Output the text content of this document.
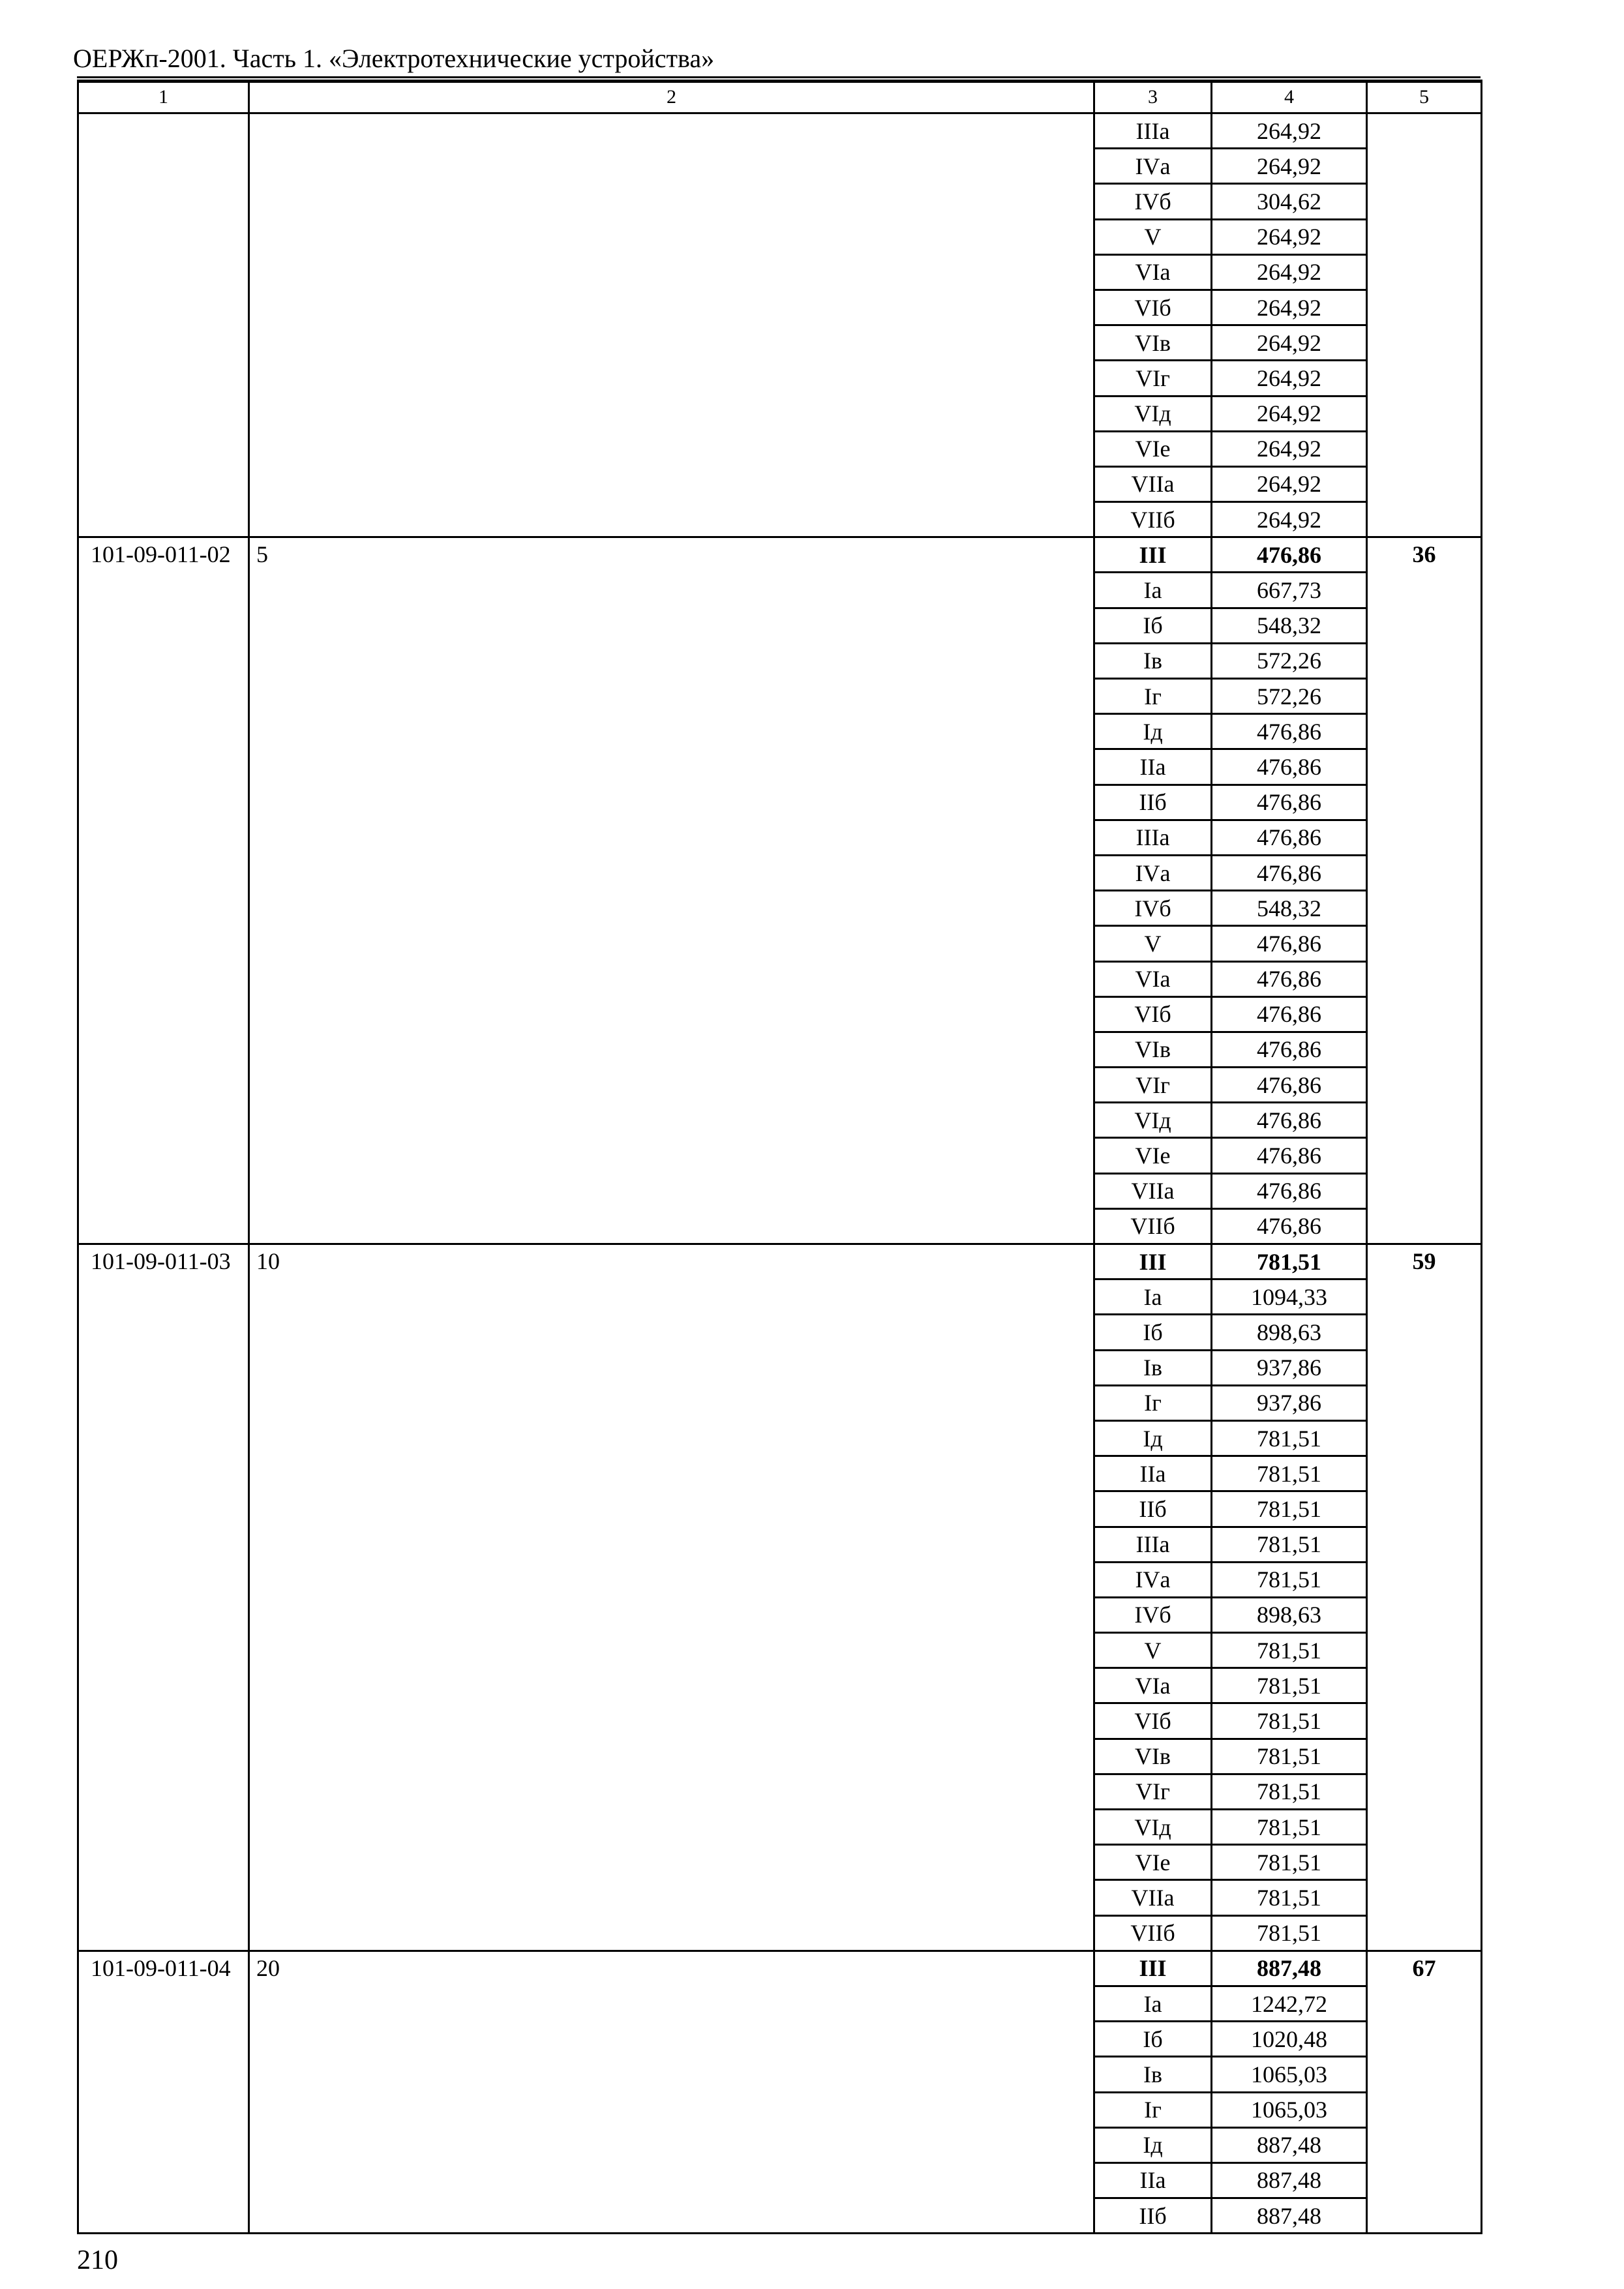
ОЕРЖп-2001. Часть 1. «Электротехнические устройства»
1	2	3	4	5
		IIIа	264,92	
		IVа	264,92	
		IVб	304,62	
		V	264,92	
		VIа	264,92	
		VIб	264,92	
		VIв	264,92	
		VIг	264,92	
		VIд	264,92	
		VIе	264,92	
		VIIа	264,92	
		VIIб	264,92	
101-09-011-02	5	III	476,86	36
		Iа	667,73	
		Iб	548,32	
		Iв	572,26	
		Iг	572,26	
		Iд	476,86	
		IIа	476,86	
		IIб	476,86	
		IIIа	476,86	
		IVа	476,86	
		IVб	548,32	
		V	476,86	
		VIа	476,86	
		VIб	476,86	
		VIв	476,86	
		VIг	476,86	
		VIд	476,86	
		VIе	476,86	
		VIIа	476,86	
		VIIб	476,86	
101-09-011-03	10	III	781,51	59
		Iа	1094,33	
		Iб	898,63	
		Iв	937,86	
		Iг	937,86	
		Iд	781,51	
		IIа	781,51	
		IIб	781,51	
		IIIа	781,51	
		IVа	781,51	
		IVб	898,63	
		V	781,51	
		VIа	781,51	
		VIб	781,51	
		VIв	781,51	
		VIг	781,51	
		VIд	781,51	
		VIе	781,51	
		VIIа	781,51	
		VIIб	781,51	
101-09-011-04	20	III	887,48	67
		Iа	1242,72	
		Iб	1020,48	
		Iв	1065,03	
		Iг	1065,03	
		Iд	887,48	
		IIа	887,48	
		IIб	887,48	
210
